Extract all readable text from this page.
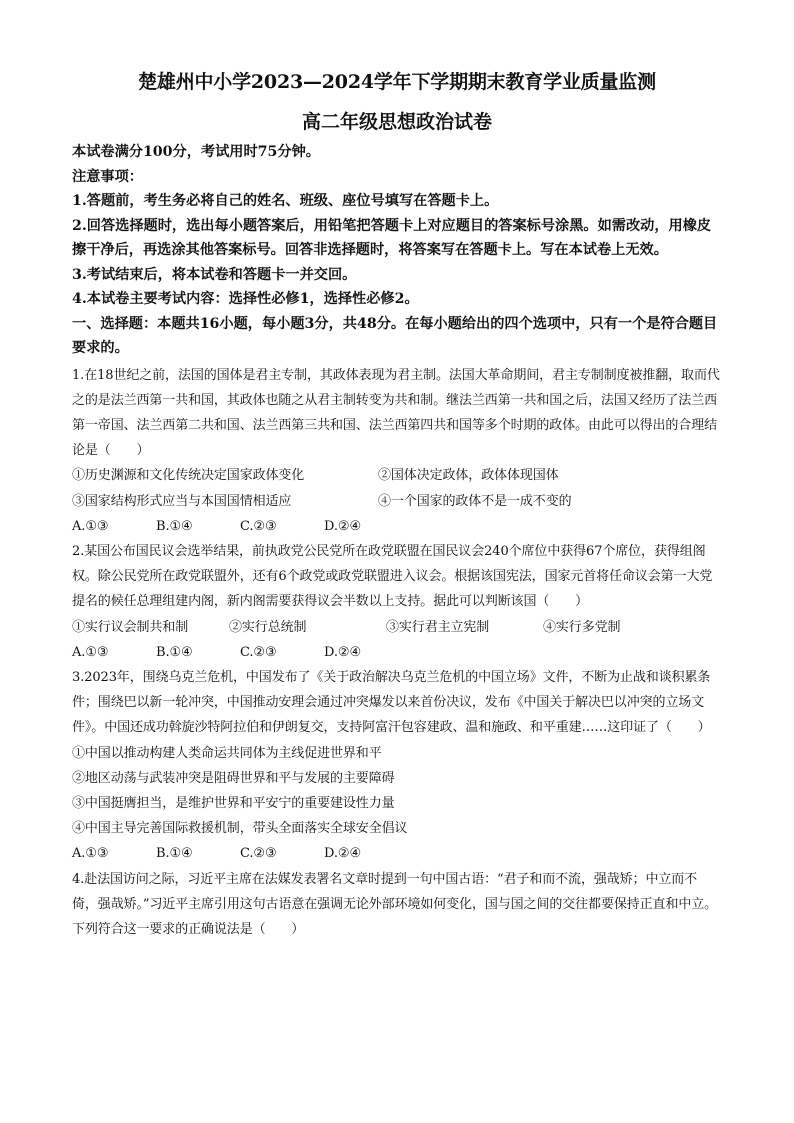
楚雄州中小学2023—2024学年下学期期末教育学业质量监测
高二年级思想政治试卷
本试卷满分100分，考试用时75分钟。
注意事项：
1.答题前，考生务必将自己的姓名、班级、座位号填写在答题卡上。
2.回答选择题时，选出每小题答案后，用铅笔把答题卡上对应题目的答案标号涂黑。如需改动，用橡皮擦干净后，再选涂其他答案标号。回答非选择题时，将答案写在答题卡上。写在本试卷上无效。
3.考试结束后，将本试卷和答题卡一并交回。
4.本试卷主要考试内容：选择性必修1，选择性必修2。
一、选择题：本题共16小题，每小题3分，共48分。在每小题给出的四个选项中，只有一个是符合题目要求的。
1.在18世纪之前，法国的国体是君主专制，其政体表现为君主制。法国大革命期间，君主专制制度被推翻，取而代之的是法兰西第一共和国，其政体也随之从君主制转变为共和制。继法兰西第一共和国之后，法国又经历了法兰西第一帝国、法兰西第二共和国、法兰西第三共和国、法兰西第四共和国等多个时期的政体。由此可以得出的合理结论是（　　）
①历史渊源和文化传统决定国家政体变化	②国体决定政体，政体体现国体
③国家结构形式应当与本国国情相适应	④一个国家的政体不是一成不变的
A.①③	B.①④	C.②③	D.②④
2.某国公布国民议会选举结果，前执政党公民党所在政党联盟在国民议会240个席位中获得67个席位，获得组阁权。除公民党所在政党联盟外，还有6个政党或政党联盟进入议会。根据该国宪法，国家元首将任命议会第一大党提名的候任总理组建内阁，新内阁需要获得议会半数以上支持。据此可以判断该国（　　）
①实行议会制共和制	②实行总统制	③实行君主立宪制	④实行多党制
A.①③	B.①④	C.②③	D.②④
3.2023年，围绕乌克兰危机，中国发布了《关于政治解决乌克兰危机的中国立场》文件，不断为止战和谈积累条件；围绕巴以新一轮冲突，中国推动安理会通过冲突爆发以来首份决议，发布《中国关于解决巴以冲突的立场文件》。中国还成功斡旋沙特阿拉伯和伊朗复交，支持阿富汗包容建政、温和施政、和平重建……这印证了（　　）
①中国以推动构建人类命运共同体为主线促进世界和平
②地区动荡与武装冲突是阻碍世界和平与发展的主要障碍
③中国挺膺担当，是维护世界和平安宁的重要建设性力量
④中国主导完善国际救援机制，带头全面落实全球安全倡议
A.①③	B.①④	C.②③	D.②④
4.赴法国访问之际，习近平主席在法媒发表署名文章时提到一句中国古语：“君子和而不流，强哉矫；中立而不倚，强哉矫。”习近平主席引用这句古语意在强调无论外部环境如何变化，国与国之间的交往都要保持正直和中立。下列符合这一要求的正确说法是（　　）
